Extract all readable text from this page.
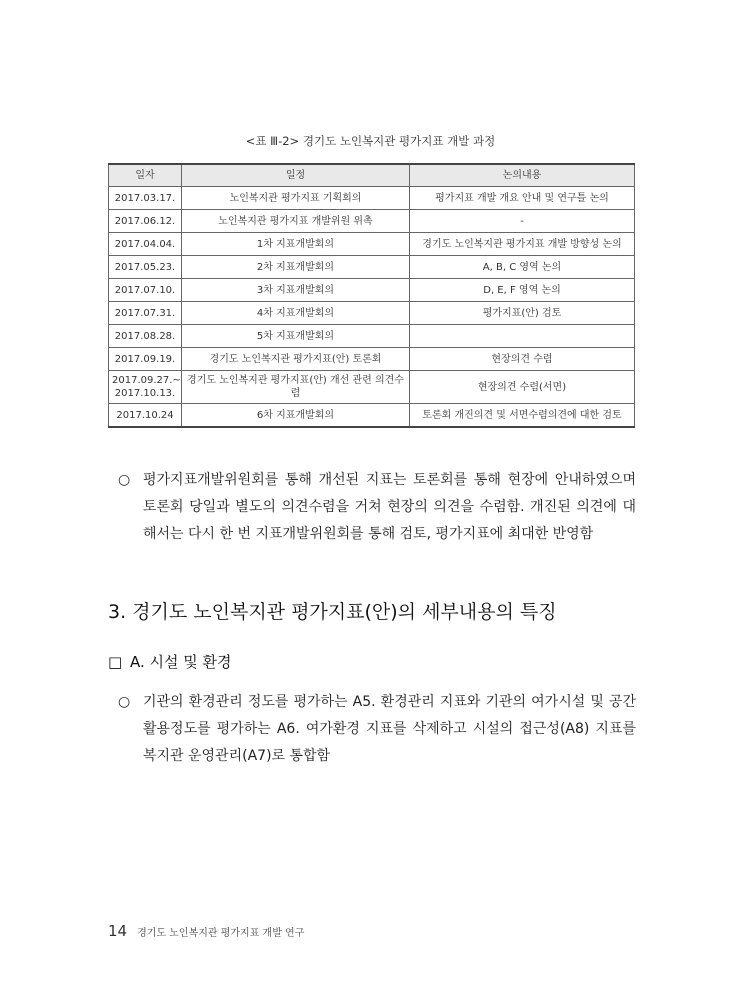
<표 Ⅲ-2> 경기도 노인복지관 평가지표 개발 과정
일자	일정	논의내용
2017.03.17.	노인복지관 평가지표 기획회의	평가지표 개발 개요 안내 및 연구틀 논의
2017.06.12.	노인복지관 평가지표 개발위원 위촉	-
2017.04.04.	1차 지표개발회의	경기도 노인복지관 평가지표 개발 방향성 논의
2017.05.23.	2차 지표개발회의	A, B, C 영역 논의
2017.07.10.	3차 지표개발회의	D, E, F 영역 논의
2017.07.31.	4차 지표개발회의	평가지표(안) 검토
2017.08.28.	5차 지표개발회의	
2017.09.19.	경기도 노인복지관 평가지표(안) 토론회	현장의견 수렴
2017.09.27.~ 2017.10.13.	경기도 노인복지관 평가지표(안) 개선 관련 의견수렴	현장의견 수렴(서면)
2017.10.24	6차 지표개발회의	토론회 개진의견 및 서면수렴의견에 대한 검토
○ 평가지표개발위원회를 통해 개선된 지표는 토론회를 통해 현장에 안내하였으며 토론회 당일과 별도의 의견수렴을 거쳐 현장의 의견을 수렴함. 개진된 의견에 대해서는 다시 한 번 지표개발위원회를 통해 검토, 평가지표에 최대한 반영함
3. 경기도 노인복지관 평가지표(안)의 세부내용의 특징
□ A. 시설 및 환경
○ 기관의 환경관리 정도를 평가하는 A5. 환경관리 지표와 기관의 여가시설 및 공간활용정도를 평가하는 A6. 여가환경 지표를 삭제하고 시설의 접근성(A8) 지표를 복지관 운영관리(A7)로 통합함
14 경기도 노인복지관 평가지표 개발 연구
